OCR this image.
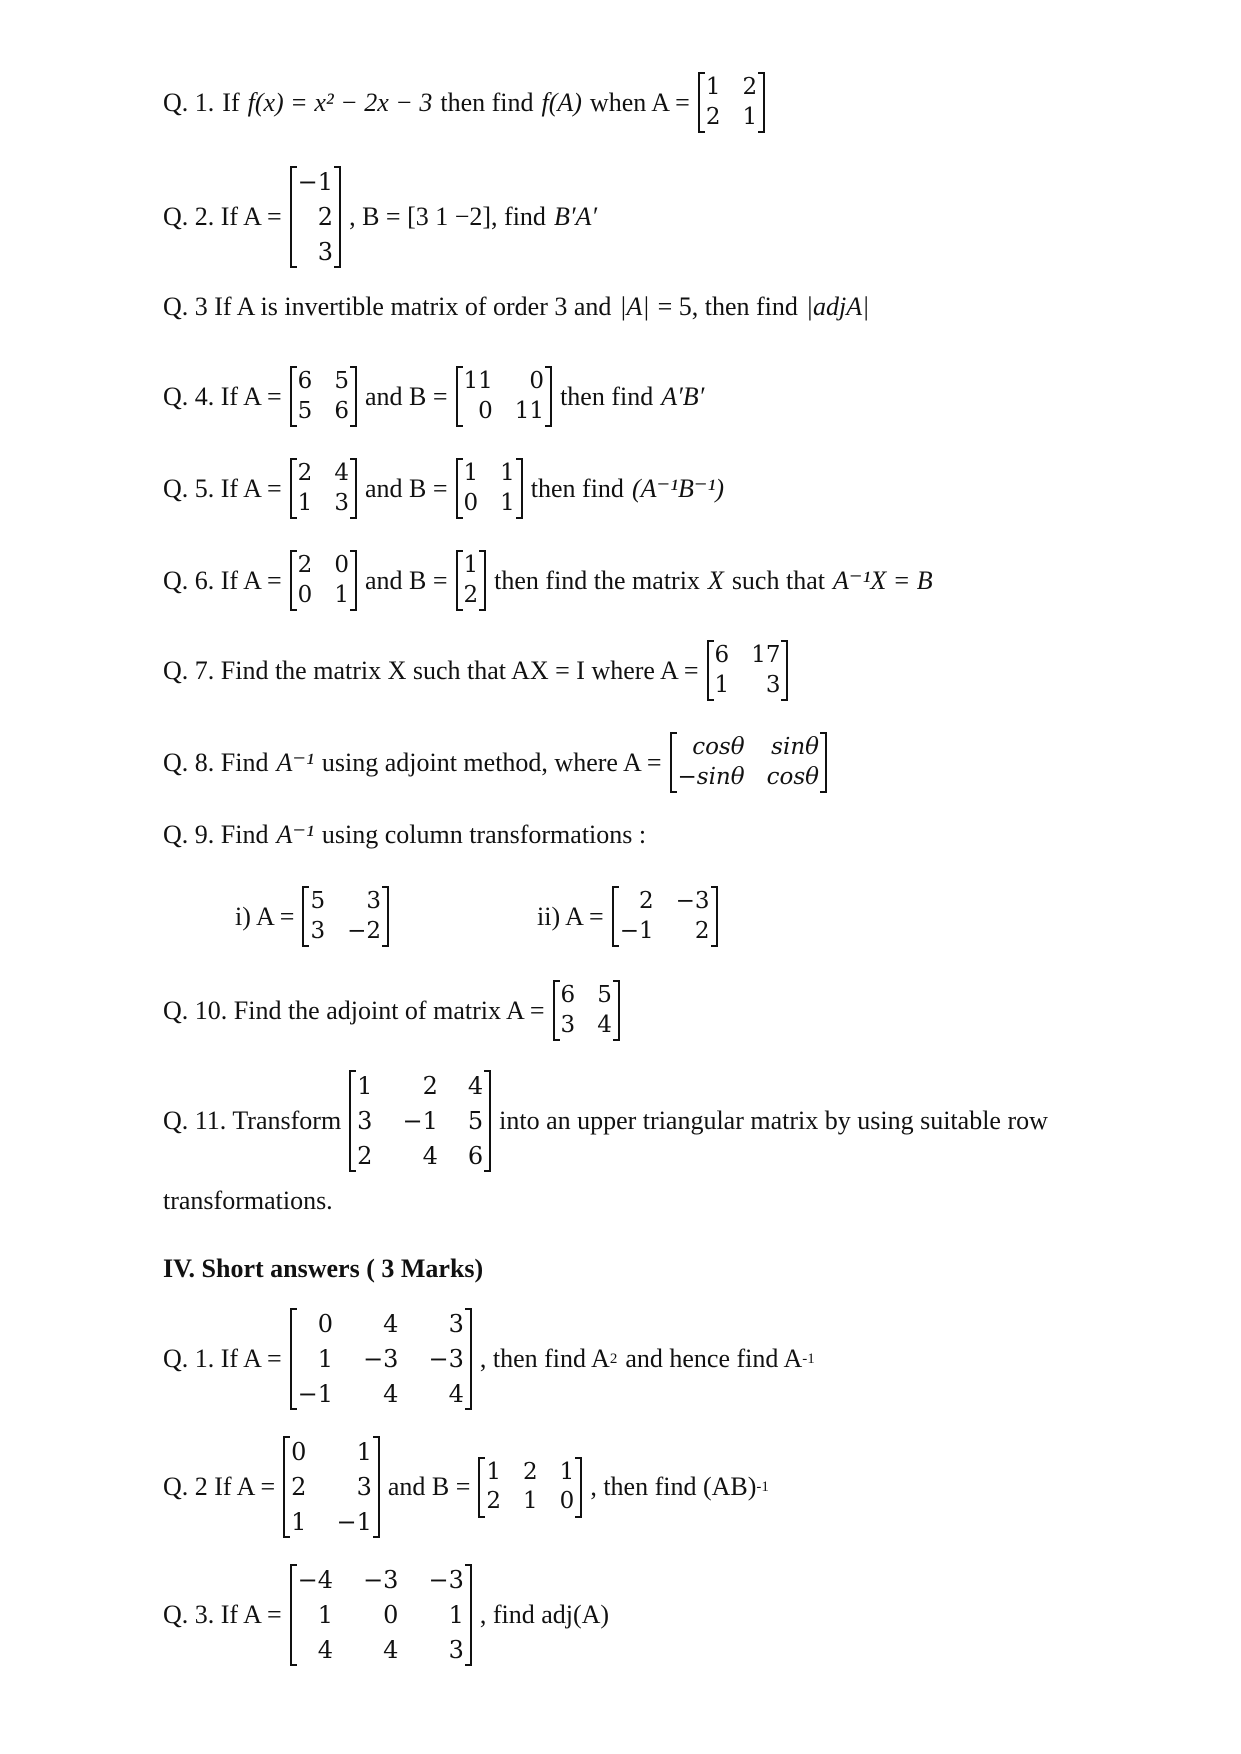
Q. 1. If f(x) = x² − 2x − 3 then find f(A) when A =
1 2
2 1
Q. 2. If A =
−1
2
3
, B = [3 1 −2], find B′A′
Q. 3 If A is invertible matrix of order 3 and |A| = 5, then find |adjA|
Q. 4. If A =
6 5
5 6 and B =
11	0
0 11 then find A′B′
Q. 5. If A =
2 4
1 3 and B =
1 1
0 1 then find (A⁻¹B⁻¹)
Q. 6. If A =
2 0
0 1 and B =
1
2 then find the matrix X such that A⁻¹X = B
Q. 7. Find the matrix X such that AX = I where A =
6 17
1	3
Q. 8. Find A⁻¹ using adjoint method, where A =
cosθ sinθ
−sinθ cosθ
Q. 9. Find A⁻¹ using column transformations :
i) A =
5	3
3 −2	ii) A =
2 −3
−1	2
Q. 10. Find the adjoint of matrix A =
6 5
3 4
Q. 11. Transform
1	2 4
3 −1 5
2	4 6
into an upper triangular matrix by using suitable row
transformations.
IV. Short answers ( 3 Marks)
Q. 1. If A =
0	4	3
1 −3 −3
−1	4	4
, then find A 2 and hence find A -1
Q. 2 If A =
0	1
2	3
1 −1
and B =
1 2 1
2 1 0 , then find (AB) -1
Q. 3. If A =
−4 −3 −3
1	0	1
4	4	3
, find adj(A)
